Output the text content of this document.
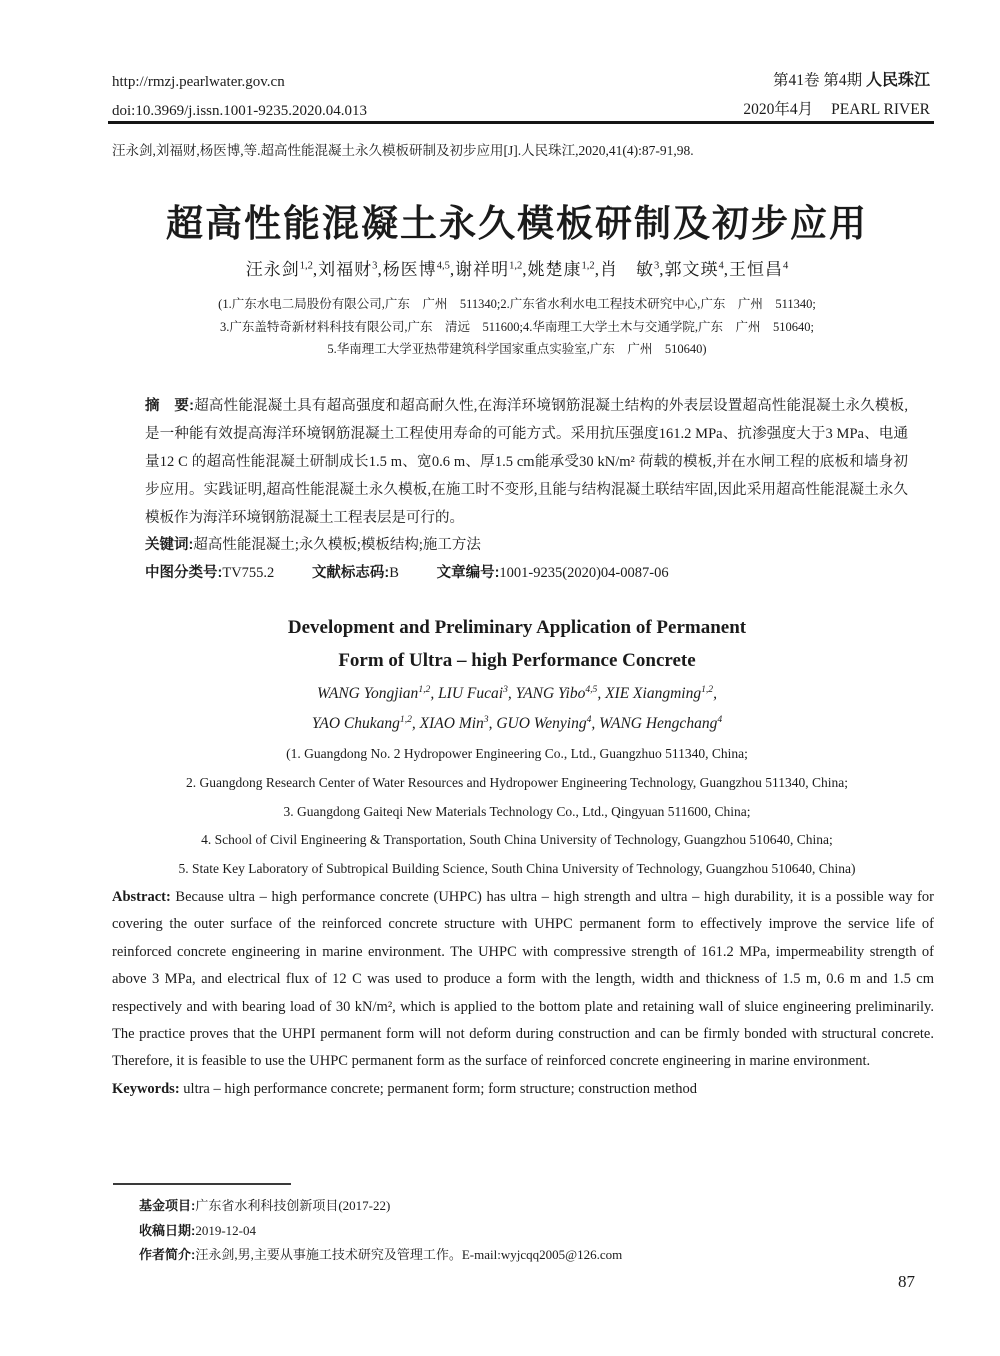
http://rmzj.pearlwater.gov.cn
doi:10.3969/j.issn.1001-9235.2020.04.013
第41卷 第4期 人民珠江
2020年4月 PEARL RIVER
汪永剑,刘福财,杨医博,等.超高性能混凝土永久模板研制及初步应用[J].人民珠江,2020,41(4):87-91,98.
超高性能混凝土永久模板研制及初步应用
汪永剑$^{1,2}$,刘福财$^3$,杨医博$^{4,5}$,谢祥明$^{1,2}$,姚楚康$^{1,2}$,肖　敏$^3$,郭文瑛$^4$,王恒昌$^4$
(1.广东水电二局股份有限公司,广东　广州　511340;2.广东省水利水电工程技术研究中心,广东　广州　511340;
3.广东盖特奇新材料科技有限公司,广东　清远　511600;4.华南理工大学土木与交通学院,广东　广州　510640;
5.华南理工大学亚热带建筑科学国家重点实验室,广东　广州　510640)
摘　要:超高性能混凝土具有超高强度和超高耐久性,在海洋环境钢筋混凝土结构的外表层设置超高性能混凝土永久模板,是一种能有效提高海洋环境钢筋混凝土工程使用寿命的可能方式。采用抗压强度161.2 MPa、抗渗强度大于3 MPa、电通量12 C 的超高性能混凝土研制成长1.5 m、宽0.6 m、厚1.5 cm能承受30 kN/m² 荷载的模板,并在水闸工程的底板和墙身初步应用。实践证明,超高性能混凝土永久模板,在施工时不变形,且能与结构混凝土联结牢固,因此采用超高性能混凝土永久模板作为海洋环境钢筋混凝土工程表层是可行的。
关键词:超高性能混凝土;永久模板;模板结构;施工方法
中图分类号:TV755.2	文献标志码:B	文章编号:1001-9235(2020)04-0087-06
Development and Preliminary Application of Permanent
Form of Ultra – high Performance Concrete
WANG Yongjian$^{1,2}$, LIU Fucai$^3$, YANG Yibo$^{4,5}$, XIE Xiangming$^{1,2}$,
YAO Chukang$^{1,2}$, XIAO Min$^3$, GUO Wenying$^4$, WANG Hengchang$^4$
(1. Guangdong No. 2 Hydropower Engineering Co., Ltd., Guangzhuo 511340, China;
2. Guangdong Research Center of Water Resources and Hydropower Engineering Technology, Guangzhou 511340, China;
3. Guangdong Gaiteqi New Materials Technology Co., Ltd., Qingyuan 511600, China;
4. School of Civil Engineering & Transportation, South China University of Technology, Guangzhou 510640, China;
5. State Key Laboratory of Subtropical Building Science, South China University of Technology, Guangzhou 510640, China)
Abstract: Because ultra – high performance concrete (UHPC) has ultra – high strength and ultra – high durability, it is a possible way for covering the outer surface of the reinforced concrete structure with UHPC permanent form to effectively improve the service life of reinforced concrete engineering in marine environment. The UHPC with compressive strength of 161.2 MPa, impermeability strength of above 3 MPa, and electrical flux of 12 C was used to produce a form with the length, width and thickness of 1.5 m, 0.6 m and 1.5 cm respectively and with bearing load of 30 kN/m², which is applied to the bottom plate and retaining wall of sluice engineering preliminarily. The practice proves that the UHPI permanent form will not deform during construction and can be firmly bonded with structural concrete. Therefore, it is feasible to use the UHPC permanent form as the surface of reinforced concrete engineering in marine environment.
Keywords: ultra – high performance concrete; permanent form; form structure; construction method
基金项目:广东省水利科技创新项目(2017-22)
收稿日期:2019-12-04
作者简介:汪永剑,男,主要从事施工技术研究及管理工作。E-mail:wyjcqq2005@126.com
87
